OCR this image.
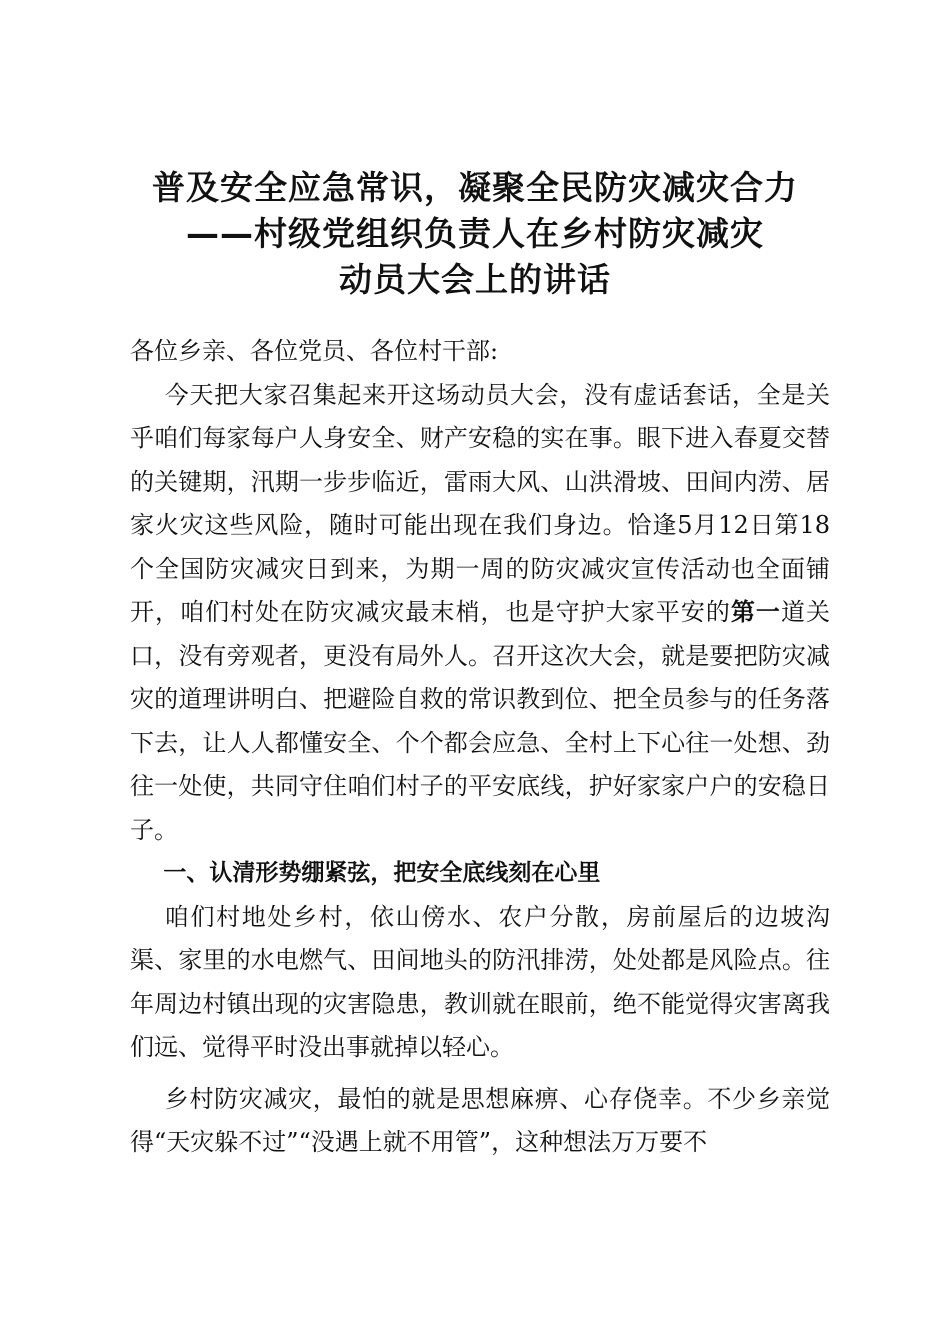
普及安全应急常识，凝聚全民防灾减灾合力
——村级党组织负责人在乡村防灾减灾
动员大会上的讲话

各位乡亲、各位党员、各位村干部:

今天把大家召集起来开这场动员大会，没有虚话套话，全是关乎咱们每家每户人身安全、财产安稳的实在事。眼下进入春夏交替的关键期，汛期一步步临近，雷雨大风、山洪滑坡、田间内涝、居家火灾这些风险，随时可能出现在我们身边。恰逢5月12日第18个全国防灾减灾日到来，为期一周的防灾减灾宣传活动也全面铺开，咱们村处在防灾减灾最末梢，也是守护大家平安的第一道关口，没有旁观者，更没有局外人。召开这次大会，就是要把防灾减灾的道理讲明白、把避险自救的常识教到位、把全员参与的任务落下去，让人人都懂安全、个个都会应急、全村上下心往一处想、劲往一处使，共同守住咱们村子的平安底线，护好家家户户的安稳日子。

一、认清形势绷紧弦，把安全底线刻在心里

咱们村地处乡村，依山傍水、农户分散，房前屋后的边坡沟渠、家里的水电燃气、田间地头的防汛排涝，处处都是风险点。往年周边村镇出现的灾害隐患，教训就在眼前，绝不能觉得灾害离我们远、觉得平时没出事就掉以轻心。

乡村防灾减灾，最怕的就是思想麻痹、心存侥幸。不少乡亲觉得“天灾躲不过”“没遇上就不用管”，这种想法万万要不
